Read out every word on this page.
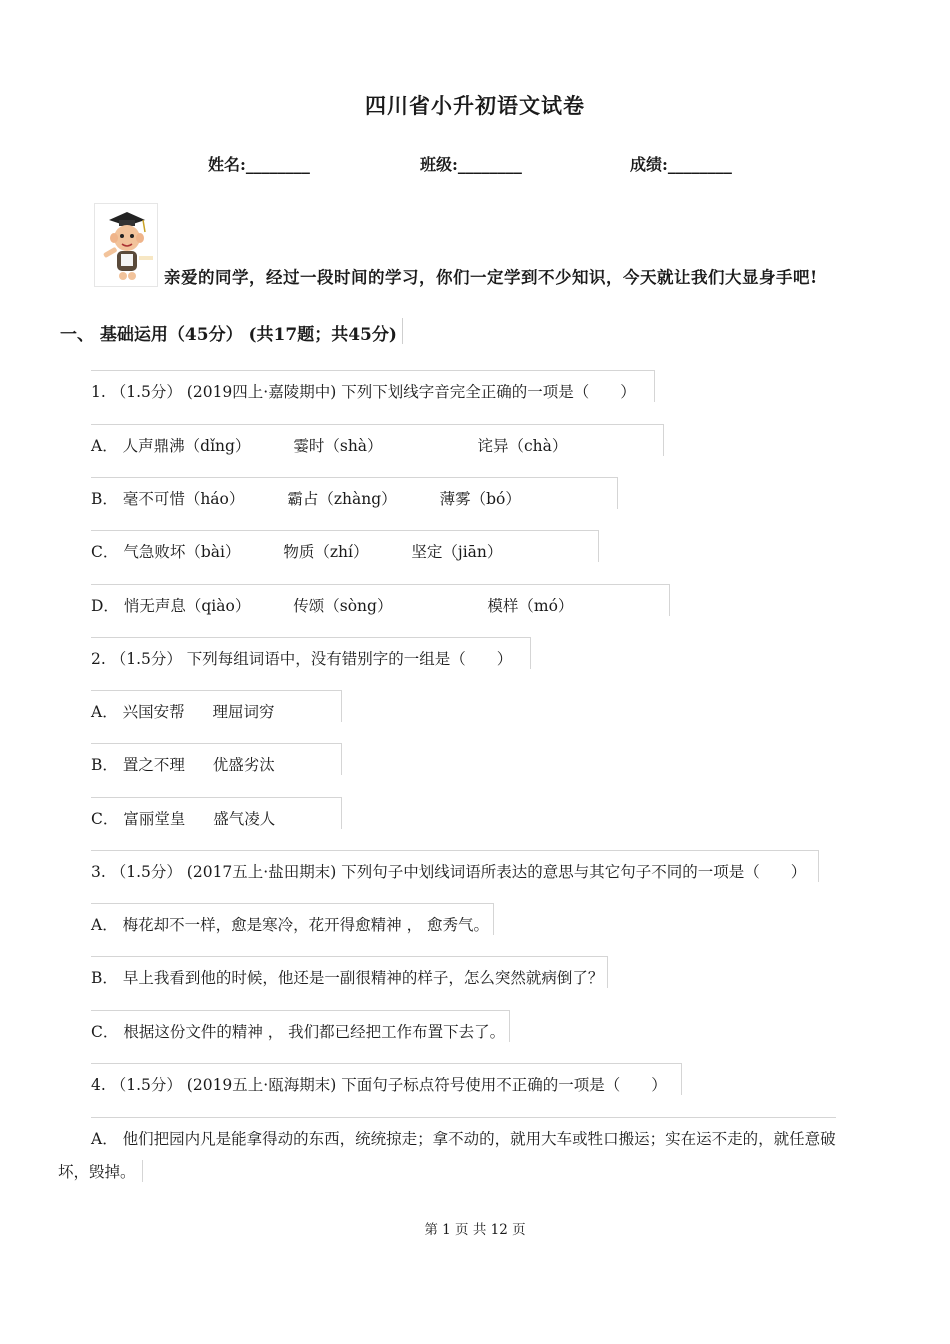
四川省小升初语文试卷
姓名:________	班级:________	成绩:________
亲爱的同学，经过一段时间的学习，你们一定学到不少知识，今天就让我们大显身手吧!
一、 基础运用（45分） (共17题；共45分)
1. （1.5分） (2019四上·嘉陵期中) 下列下划线字音完全正确的一项是（　　）
A． 人声鼎沸（dǐng）	霎时（shà）	诧异（chà）
B． 毫不可惜（háo）	霸占（zhàng）	薄雾（bó）
C． 气急败坏（bài）	物质（zhí）	坚定（jiān）
D． 悄无声息（qiào）	传颂（sòng）	模样（mó）
2. （1.5分） 下列每组词语中，没有错别字的一组是（　　）
A． 兴国安帮 理屈词穷
B． 置之不理 优盛劣汰
C． 富丽堂皇 盛气凌人
3. （1.5分） (2017五上·盐田期末) 下列句子中划线词语所表达的意思与其它句子不同的一项是（　　）
A． 梅花却不一样，愈是寒冷，花开得愈精神 ， 愈秀气。
B． 早上我看到他的时候，他还是一副很精神的样子，怎么突然就病倒了？
C． 根据这份文件的精神 ， 我们都已经把工作布置下去了。
4. （1.5分） (2019五上·瓯海期末) 下面句子标点符号使用不正确的一项是（　　）
A． 他们把园内凡是能拿得动的东西，统统掠走；拿不动的，就用大车或牲口搬运；实在运不走的，就任意破
坏，毁掉。
第 1 页 共 12 页
